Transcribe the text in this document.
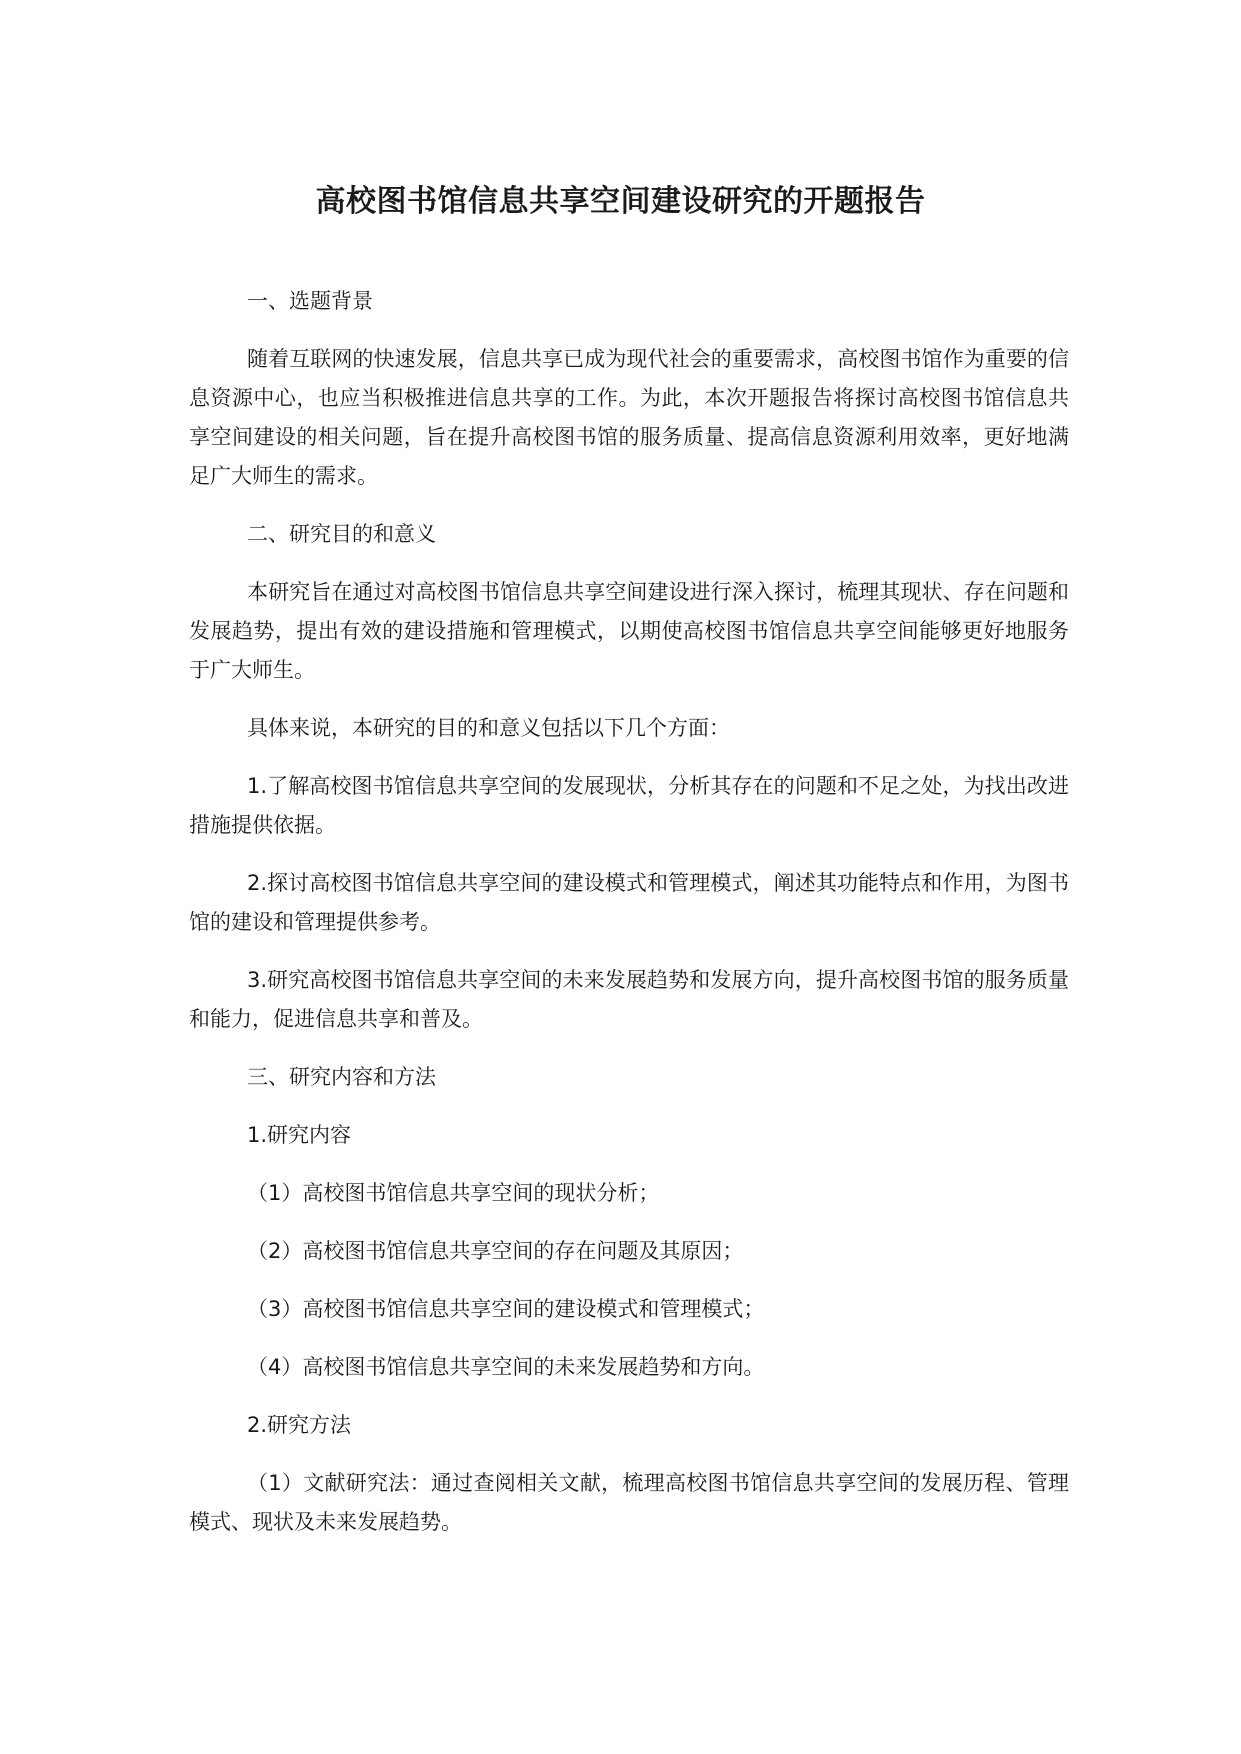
高校图书馆信息共享空间建设研究的开题报告
一、选题背景
随着互联网的快速发展，信息共享已成为现代社会的重要需求，高校图书馆作为重要的信息资源中心，也应当积极推进信息共享的工作。为此，本次开题报告将探讨高校图书馆信息共享空间建设的相关问题，旨在提升高校图书馆的服务质量、提高信息资源利用效率，更好地满足广大师生的需求。
二、研究目的和意义
本研究旨在通过对高校图书馆信息共享空间建设进行深入探讨，梳理其现状、存在问题和发展趋势，提出有效的建设措施和管理模式，以期使高校图书馆信息共享空间能够更好地服务于广大师生。
具体来说，本研究的目的和意义包括以下几个方面：
1.了解高校图书馆信息共享空间的发展现状，分析其存在的问题和不足之处，为找出改进措施提供依据。
2.探讨高校图书馆信息共享空间的建设模式和管理模式，阐述其功能特点和作用，为图书馆的建设和管理提供参考。
3.研究高校图书馆信息共享空间的未来发展趋势和发展方向，提升高校图书馆的服务质量和能力，促进信息共享和普及。
三、研究内容和方法
1.研究内容
（1）高校图书馆信息共享空间的现状分析；
（2）高校图书馆信息共享空间的存在问题及其原因；
（3）高校图书馆信息共享空间的建设模式和管理模式；
（4）高校图书馆信息共享空间的未来发展趋势和方向。
2.研究方法
（1）文献研究法：通过查阅相关文献，梳理高校图书馆信息共享空间的发展历程、管理模式、现状及未来发展趋势。
